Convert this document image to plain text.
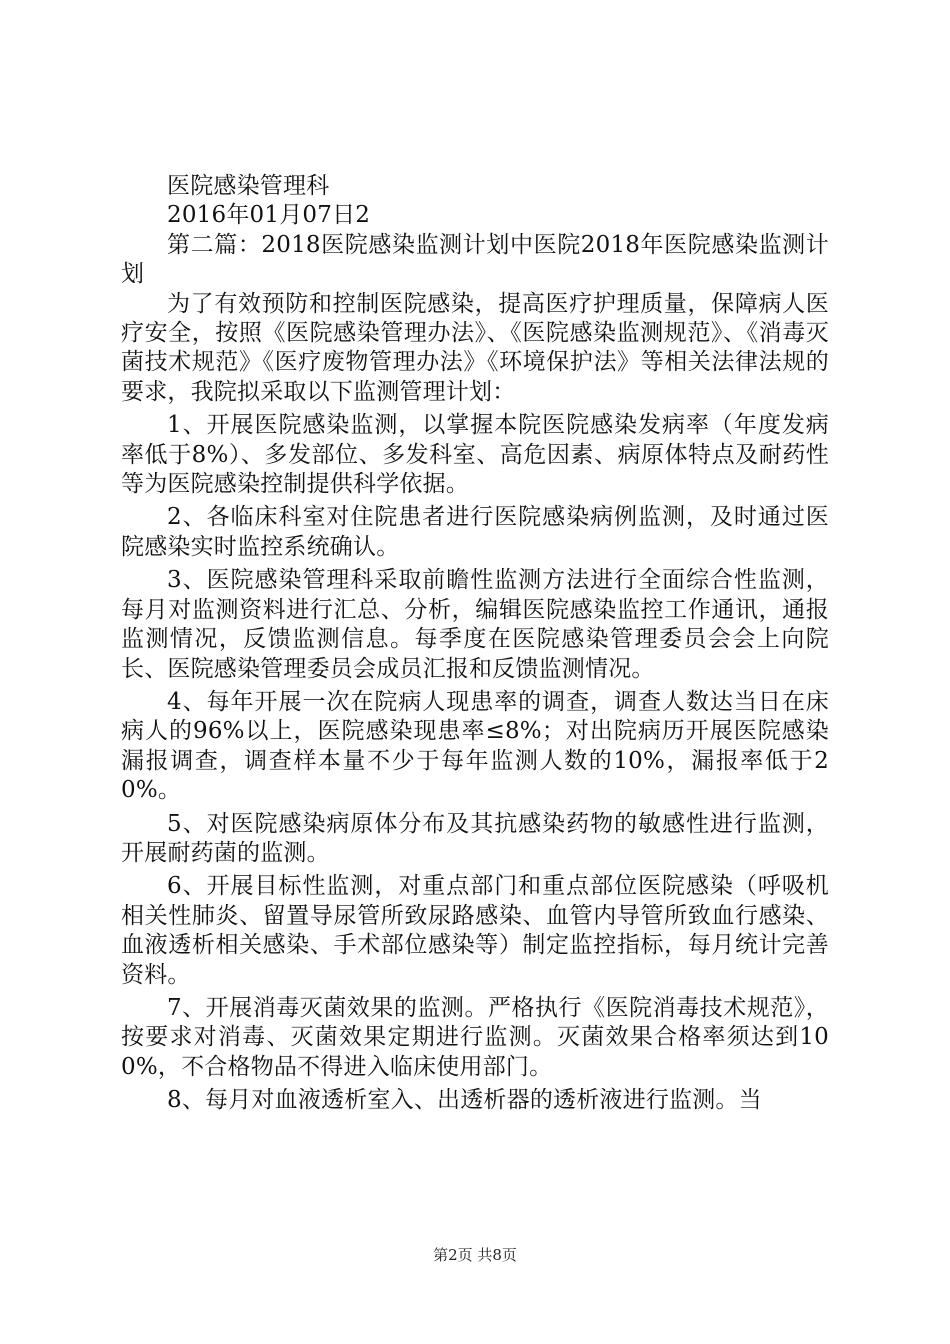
医院感染管理科

2016年01月07日2

第二篇：2018医院感染监测计划中医院2018年医院感染监测计划

为了有效预防和控制医院感染，提高医疗护理质量，保障病人医疗安全，按照《医院感染管理办法》、《医院感染监测规范》、《消毒灭菌技术规范》《医疗废物管理办法》《环境保护法》等相关法律法规的要求，我院拟采取以下监测管理计划：

1、开展医院感染监测，以掌握本院医院感染发病率（年度发病率低于8%）、多发部位、多发科室、高危因素、病原体特点及耐药性等为医院感染控制提供科学依据。

2、各临床科室对住院患者进行医院感染病例监测，及时通过医院感染实时监控系统确认。

3、医院感染管理科采取前瞻性监测方法进行全面综合性监测，每月对监测资料进行汇总、分析，编辑医院感染监控工作通讯，通报监测情况，反馈监测信息。每季度在医院感染管理委员会会上向院长、医院感染管理委员会成员汇报和反馈监测情况。

4、每年开展一次在院病人现患率的调查，调查人数达当日在床病人的96%以上，医院感染现患率≤8%；对出院病历开展医院感染漏报调查，调查样本量不少于每年监测人数的10%，漏报率低于20%。

5、对医院感染病原体分布及其抗感染药物的敏感性进行监测，开展耐药菌的监测。

6、开展目标性监测，对重点部门和重点部位医院感染（呼吸机相关性肺炎、留置导尿管所致尿路感染、血管内导管所致血行感染、血液透析相关感染、手术部位感染等）制定监控指标，每月统计完善资料。

7、开展消毒灭菌效果的监测。严格执行《医院消毒技术规范》，按要求对消毒、灭菌效果定期进行监测。灭菌效果合格率须达到100%，不合格物品不得进入临床使用部门。

8、每月对血液透析室入、出透析器的透析液进行监测。当

第2页 共8页
